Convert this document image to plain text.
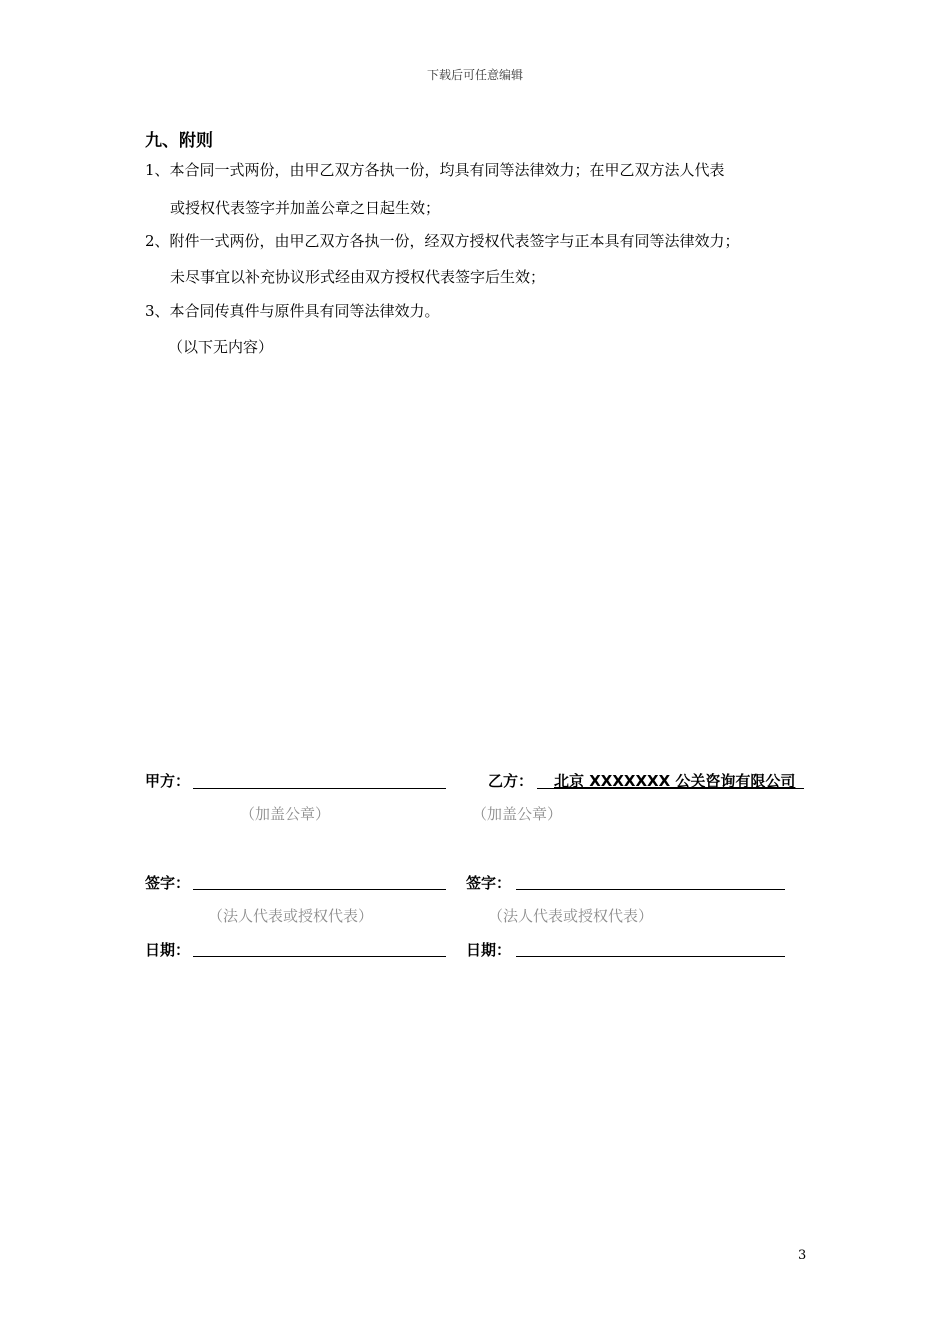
下载后可任意编辑
九、附则
1、本合同一式两份，由甲乙双方各执一份，均具有同等法律效力；在甲乙双方法人代表
或授权代表签字并加盖公章之日起生效；
2、附件一式两份，由甲乙双方各执一份，经双方授权代表签字与正本具有同等法律效力；
未尽事宜以补充协议形式经由双方授权代表签字后生效；
3、本合同传真件与原件具有同等法律效力。
（以下无内容）
甲方：
（加盖公章）
乙方： 北京 XXXXXXX 公关咨询有限公司
（加盖公章）
签字：
（法人代表或授权代表）
签字：
（法人代表或授权代表）
日期：	日期：
3
